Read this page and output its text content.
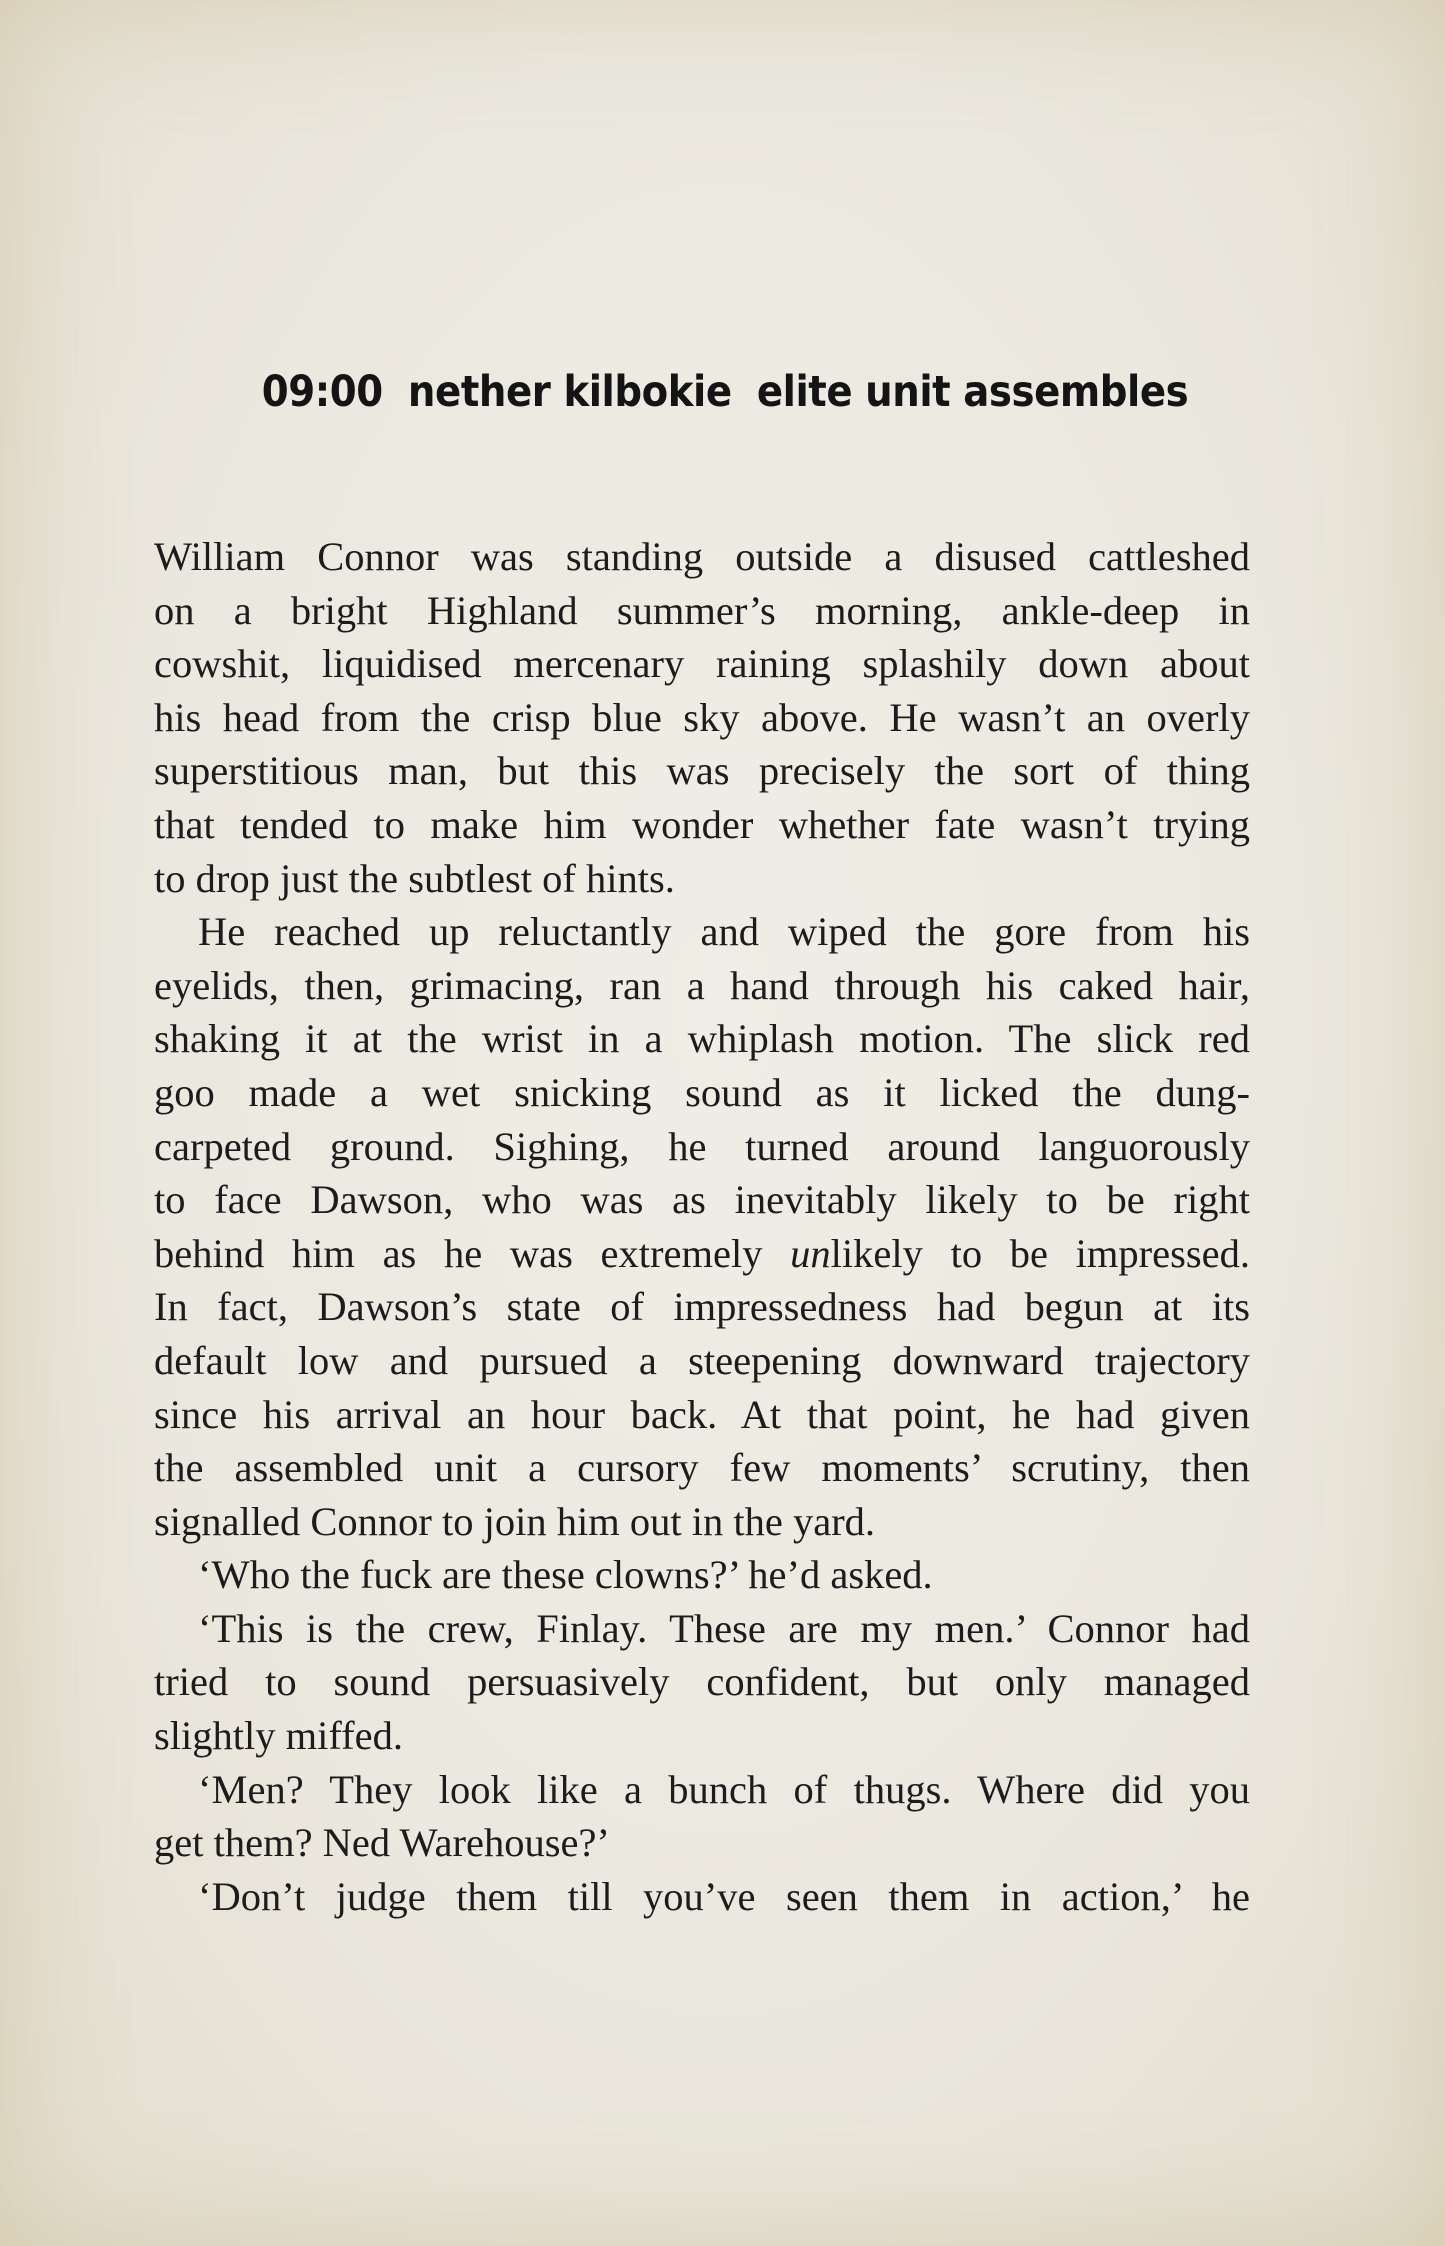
09:00 nether kilbokie elite unit assembles

William Connor was standing outside a disused cattleshed

on a bright Highland summer’s morning, ankle-deep in

cowshit, liquidised mercenary raining splashily down about

his head from the crisp blue sky above. He wasn’t an overly

superstitious man, but this was precisely the sort of thing

that tended to make him wonder whether fate wasn’t trying

to drop just the subtlest of hints.

He reached up reluctantly and wiped the gore from his

eyelids, then, grimacing, ran a hand through his caked hair,

shaking it at the wrist in a whiplash motion. The slick red

goo made a wet snicking sound as it licked the dung-

carpeted ground. Sighing, he turned around languorously

to face Dawson, who was as inevitably likely to be right

behind him as he was extremely unlikely to be impressed.

In fact, Dawson’s state of impressedness had begun at its

default low and pursued a steepening downward trajectory

since his arrival an hour back. At that point, he had given

the assembled unit a cursory few moments’ scrutiny, then

signalled Connor to join him out in the yard.

‘Who the fuck are these clowns?’ he’d asked.

‘This is the crew, Finlay. These are my men.’ Connor had

tried to sound persuasively confident, but only managed

slightly miffed.

‘Men? They look like a bunch of thugs. Where did you

get them? Ned Warehouse?’

‘Don’t judge them till you’ve seen them in action,’ he
